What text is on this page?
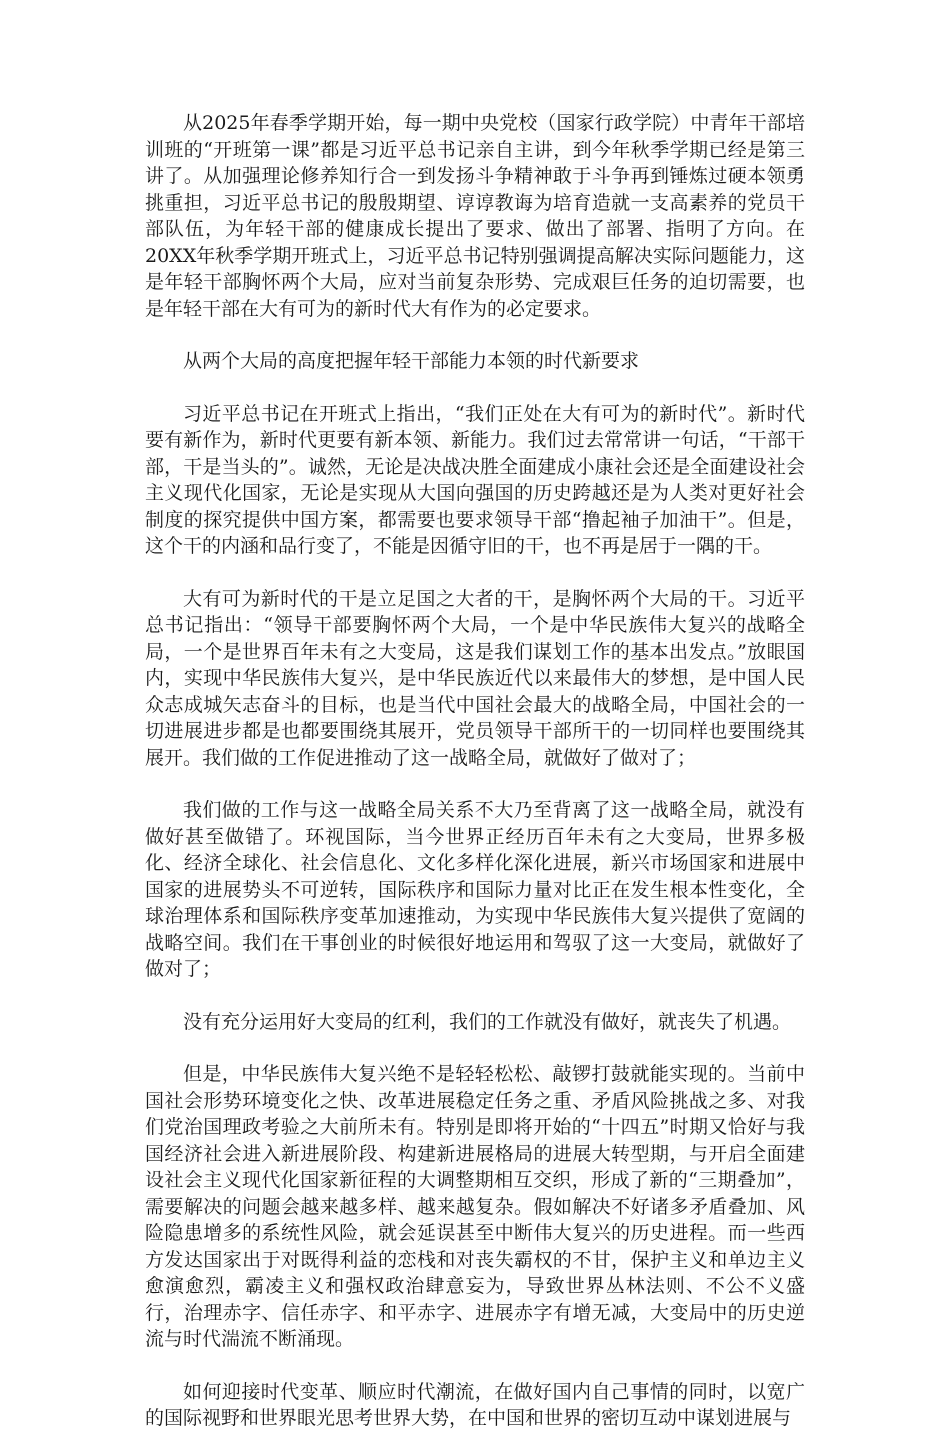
从2025年春季学期开始，每一期中央党校（国家行政学院）中青年干部培训班的“开班第一课”都是习近平总书记亲自主讲，到今年秋季学期已经是第三讲了。从加强理论修养知行合一到发扬斗争精神敢于斗争再到锤炼过硬本领勇挑重担，习近平总书记的殷殷期望、谆谆教诲为培育造就一支高素养的党员干部队伍，为年轻干部的健康成长提出了要求、做出了部署、指明了方向。在20XX年秋季学期开班式上，习近平总书记特别强调提高解决实际问题能力，这是年轻干部胸怀两个大局，应对当前复杂形势、完成艰巨任务的迫切需要，也是年轻干部在大有可为的新时代大有作为的必定要求。

从两个大局的高度把握年轻干部能力本领的时代新要求

习近平总书记在开班式上指出，“我们正处在大有可为的新时代”。新时代要有新作为，新时代更要有新本领、新能力。我们过去常常讲一句话，“干部干部，干是当头的”。诚然，无论是决战决胜全面建成小康社会还是全面建设社会主义现代化国家，无论是实现从大国向强国的历史跨越还是为人类对更好社会制度的探究提供中国方案，都需要也要求领导干部“撸起袖子加油干”。但是，这个干的内涵和品行变了，不能是因循守旧的干，也不再是居于一隅的干。

大有可为新时代的干是立足国之大者的干，是胸怀两个大局的干。习近平总书记指出：“领导干部要胸怀两个大局，一个是中华民族伟大复兴的战略全局，一个是世界百年未有之大变局，这是我们谋划工作的基本出发点。”放眼国内，实现中华民族伟大复兴，是中华民族近代以来最伟大的梦想，是中国人民众志成城矢志奋斗的目标，也是当代中国社会最大的战略全局，中国社会的一切进展进步都是也都要围绕其展开，党员领导干部所干的一切同样也要围绕其展开。我们做的工作促进推动了这一战略全局，就做好了做对了；

我们做的工作与这一战略全局关系不大乃至背离了这一战略全局，就没有做好甚至做错了。环视国际，当今世界正经历百年未有之大变局，世界多极化、经济全球化、社会信息化、文化多样化深化进展，新兴市场国家和进展中国家的进展势头不可逆转，国际秩序和国际力量对比正在发生根本性变化，全球治理体系和国际秩序变革加速推动，为实现中华民族伟大复兴提供了宽阔的战略空间。我们在干事创业的时候很好地运用和驾驭了这一大变局，就做好了做对了；

没有充分运用好大变局的红利，我们的工作就没有做好，就丧失了机遇。

但是，中华民族伟大复兴绝不是轻轻松松、敲锣打鼓就能实现的。当前中国社会形势环境变化之快、改革进展稳定任务之重、矛盾风险挑战之多、对我们党治国理政考验之大前所未有。特别是即将开始的“十四五”时期又恰好与我国经济社会进入新进展阶段、构建新进展格局的进展大转型期，与开启全面建设社会主义现代化国家新征程的大调整期相互交织，形成了新的“三期叠加”，需要解决的问题会越来越多样、越来越复杂。假如解决不好诸多矛盾叠加、风险隐患增多的系统性风险，就会延误甚至中断伟大复兴的历史进程。而一些西方发达国家出于对既得利益的恋栈和对丧失霸权的不甘，保护主义和单边主义愈演愈烈，霸凌主义和强权政治肆意妄为，导致世界丛林法则、不公不义盛行，治理赤字、信任赤字、和平赤字、进展赤字有增无减，大变局中的历史逆流与时代湍流不断涌现。

如何迎接时代变革、顺应时代潮流，在做好国内自己事情的同时，以宽广的国际视野和世界眼光思考世界大势，在中国和世界的密切互动中谋划进展与
